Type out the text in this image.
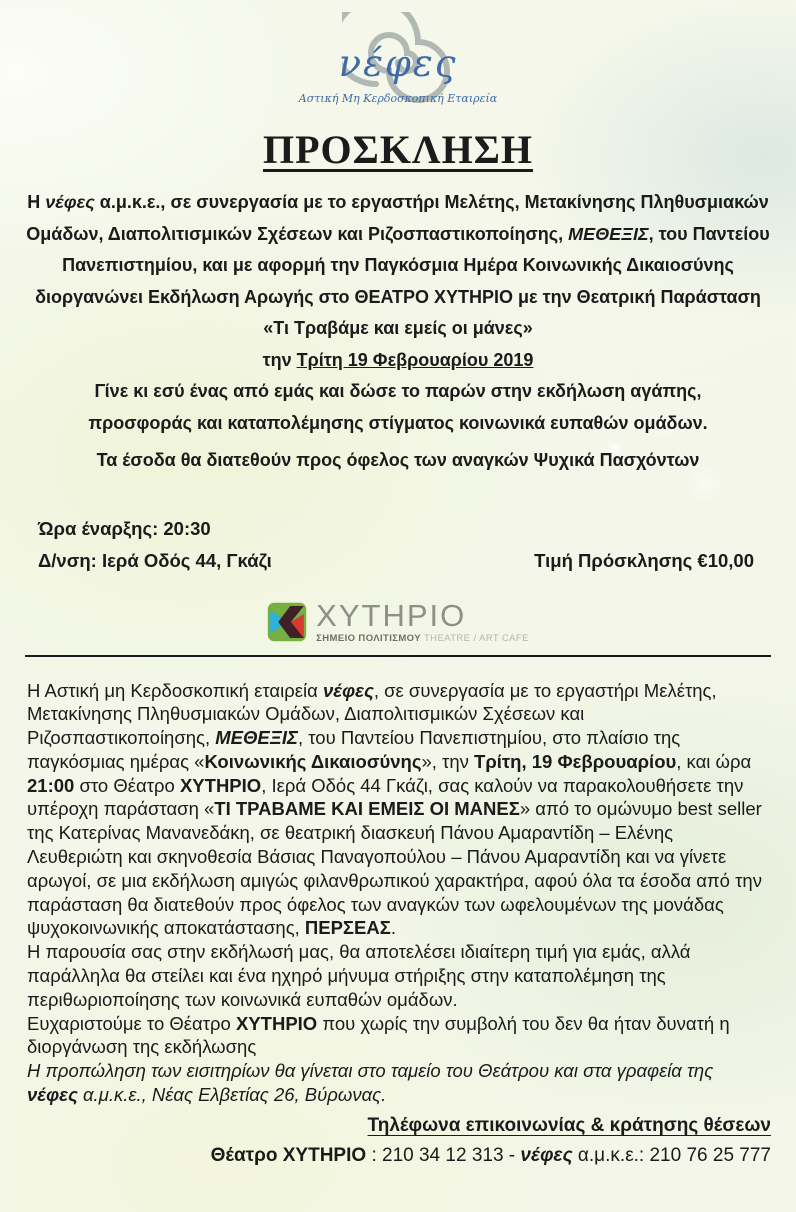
νέφες
Αστική Μη Κερδοσκοπική Εταιρεία
ΠΡΟΣΚΛΗΣΗ

Η νέφες α.μ.κ.ε., σε συνεργασία με το εργαστήρι Μελέτης, Μετακίνησης Πληθυσμιακών Ομάδων, Διαπολιτισμικών Σχέσεων και Ριζοσπαστικοποίησης, ΜΕΘΕΞΙΣ, του Παντείου Πανεπιστημίου, και με αφορμή την Παγκόσμια Ημέρα Κοινωνικής Δικαιοσύνης

διοργανώνει Εκδήλωση Αρωγής στο ΘΕΑΤΡΟ ΧΥΤΗΡΙΟ με την Θεατρική Παράσταση

«Τι Τραβάμε και εμείς οι μάνες»

την Τρίτη 19 Φεβρουαρίου 2019

Γίνε κι εσύ ένας από εμάς και δώσε το παρών στην εκδήλωση αγάπης, προσφοράς και καταπολέμησης στίγματος κοινωνικά ευπαθών ομάδων.

Τα έσοδα θα διατεθούν προς όφελος των αναγκών Ψυχικά Πασχόντων

Ώρα έναρξης: 20:30

Δ/νση: Ιερά Οδός 44, Γκάζι	Τιμή Πρόσκλησης €10,00
ΧΥΤΗΡΙΟ
ΣΗΜΕΙΟ ΠΟΛΙΤΙΣΜΟΥ THEATRE / ART CAFE

Η Αστική μη Κερδοσκοπική εταιρεία νέφες, σε συνεργασία με το εργαστήρι Μελέτης, Μετακίνησης Πληθυσμιακών Ομάδων, Διαπολιτισμικών Σχέσεων και Ριζοσπαστικοποίησης, ΜΕΘΕΞΙΣ, του Παντείου Πανεπιστημίου, στο πλαίσιο της παγκόσμιας ημέρας «Κοινωνικής Δικαιοσύνης», την Τρίτη, 19 Φεβρουαρίου, και ώρα 21:00 στο Θέατρο ΧΥΤΗΡΙΟ, Ιερά Οδός 44 Γκάζι, σας καλούν να παρακολουθήσετε την υπέροχη παράσταση «ΤΙ ΤΡΑΒΑΜΕ ΚΑΙ ΕΜΕΙΣ ΟΙ ΜΑΝΕΣ» από το ομώνυμο best seller της Κατερίνας Μανανεδάκη, σε θεατρική διασκευή Πάνου Αμαραντίδη – Ελένης Λευθεριώτη και σκηνοθεσία Βάσιας Παναγοπούλου – Πάνου Αμαραντίδη και να γίνετε αρωγοί, σε μια εκδήλωση αμιγώς φιλανθρωπικού χαρακτήρα, αφού όλα τα έσοδα από την παράσταση θα διατεθούν προς όφελος των αναγκών των ωφελουμένων της μονάδας ψυχοκοινωνικής αποκατάστασης, ΠΕΡΣΕΑΣ.

Η παρουσία σας στην εκδήλωσή μας, θα αποτελέσει ιδιαίτερη τιμή για εμάς, αλλά παράλληλα θα στείλει και ένα ηχηρό μήνυμα στήριξης στην καταπολέμηση της περιθωριοποίησης των κοινωνικά ευπαθών ομάδων.

Ευχαριστούμε το Θέατρο ΧΥΤΗΡΙΟ που χωρίς την συμβολή του δεν θα ήταν δυνατή η διοργάνωση της εκδήλωσης

Η προπώληση των εισιτηρίων θα γίνεται στο ταμείο του Θεάτρου και στα γραφεία της νέφες α.μ.κ.ε., Νέας Ελβετίας 26, Βύρωνας.

Τηλέφωνα επικοινωνίας & κράτησης θέσεων

Θέατρο ΧΥΤΗΡΙΟ : 210 34 12 313 - νέφες α.μ.κ.ε.: 210 76 25 777
